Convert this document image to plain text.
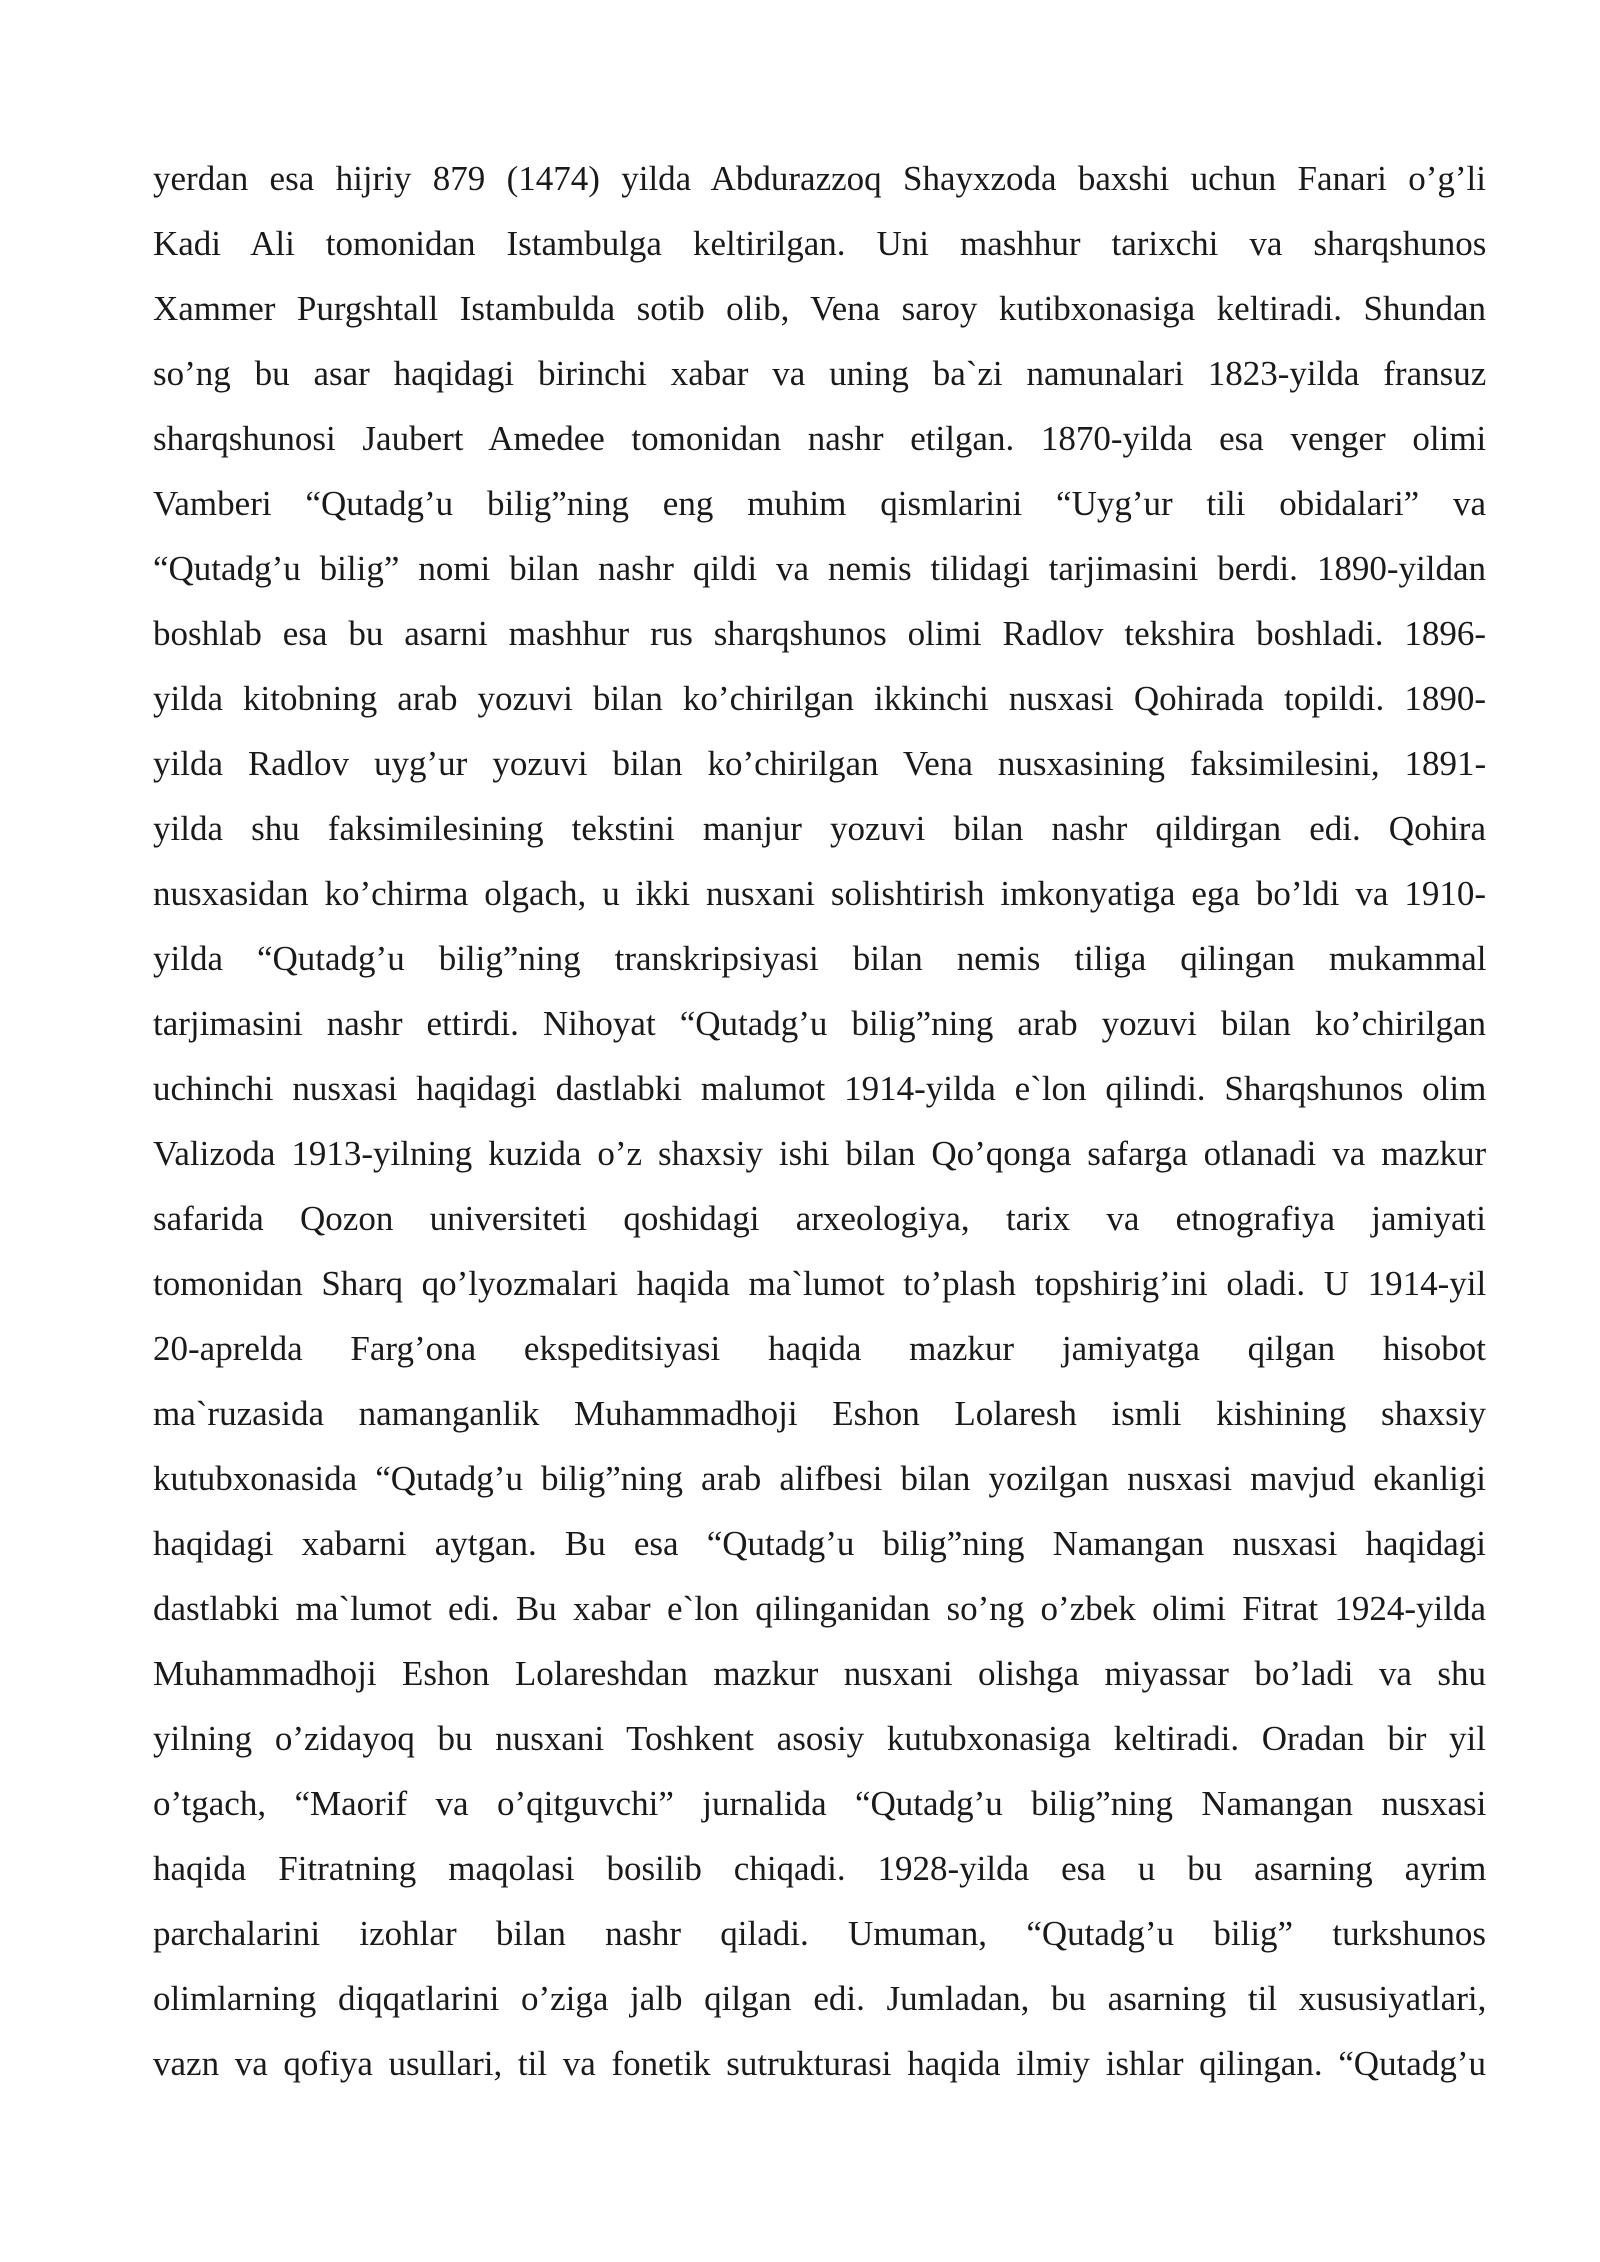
yerdan esa hijriy 879 (1474) yilda Abdurazzoq Shayxzoda baxshi uchun Fanari o’g’li
Kadi Ali tomonidan Istambulga keltirilgan. Uni mashhur tarixchi va sharqshunos
Xammer Purgshtall Istambulda sotib olib, Vena saroy kutibxonasiga keltiradi. Shundan
so’ng bu asar haqidagi birinchi xabar va uning ba`zi namunalari 1823-yilda fransuz
sharqshunosi Jaubert Amedee tomonidan nashr etilgan. 1870-yilda esa venger olimi
Vamberi “Qutadg’u bilig”ning eng muhim qismlarini “Uyg’ur tili obidalari” va
“Qutadg’u bilig” nomi bilan nashr qildi va nemis tilidagi tarjimasini berdi. 1890-yildan
boshlab esa bu asarni mashhur rus sharqshunos olimi Radlov tekshira boshladi. 1896-
yilda kitobning arab yozuvi bilan ko’chirilgan ikkinchi nusxasi Qohirada topildi. 1890-
yilda Radlov uyg’ur yozuvi bilan ko’chirilgan Vena nusxasining faksimilesini, 1891-
yilda shu faksimilesining tekstini manjur yozuvi bilan nashr qildirgan edi. Qohira
nusxasidan ko’chirma olgach, u ikki nusxani solishtirish imkonyatiga ega bo’ldi va 1910-
yilda “Qutadg’u bilig”ning transkripsiyasi bilan nemis tiliga qilingan mukammal
tarjimasini nashr ettirdi. Nihoyat “Qutadg’u bilig”ning arab yozuvi bilan ko’chirilgan
uchinchi nusxasi haqidagi dastlabki malumot 1914-yilda e`lon qilindi. Sharqshunos olim
Valizoda 1913-yilning kuzida o’z shaxsiy ishi bilan Qo’qonga safarga otlanadi va mazkur
safarida Qozon universiteti qoshidagi arxeologiya, tarix va etnografiya jamiyati
tomonidan Sharq qo’lyozmalari haqida ma`lumot to’plash topshirig’ini oladi. U 1914-yil
20-aprelda Farg’ona ekspeditsiyasi haqida mazkur jamiyatga qilgan hisobot
ma`ruzasida namanganlik Muhammadhoji Eshon Lolaresh ismli kishining shaxsiy
kutubxonasida “Qutadg’u bilig”ning arab alifbesi bilan yozilgan nusxasi mavjud ekanligi
haqidagi xabarni aytgan. Bu esa “Qutadg’u bilig”ning Namangan nusxasi haqidagi
dastlabki ma`lumot edi. Bu xabar e`lon qilinganidan so’ng o’zbek olimi Fitrat 1924-yilda
Muhammadhoji Eshon Lolareshdan mazkur nusxani olishga miyassar bo’ladi va shu
yilning o’zidayoq bu nusxani Toshkent asosiy kutubxonasiga keltiradi. Oradan bir yil
o’tgach, “Maorif va o’qitguvchi” jurnalida “Qutadg’u bilig”ning Namangan nusxasi
haqida Fitratning maqolasi bosilib chiqadi. 1928-yilda esa u bu asarning ayrim
parchalarini izohlar bilan nashr qiladi. Umuman, “Qutadg’u bilig” turkshunos
olimlarning diqqatlarini o’ziga jalb qilgan edi. Jumladan, bu asarning til xususiyatlari,
vazn va qofiya usullari, til va fonetik sutrukturasi haqida ilmiy ishlar qilingan. “Qutadg’u
